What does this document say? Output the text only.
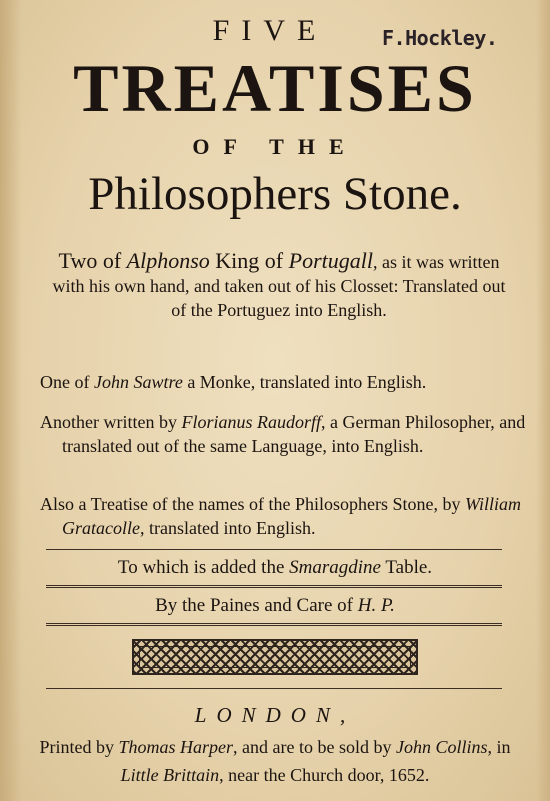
FIVE	F.Hockley.
TREATISES
OF THE
Philosophers Stone.
Two of Alphonso King of Portugall, as it was written with his own hand, and taken out of his Closset: Translated out of the Portuguez into English.
One of John Sawtre a Monke, translated into English.
Another written by Florianus Raudorff, a German Philosopher, and translated out of the same Language, into English.
Also a Treatise of the names of the Philosophers Stone, by William Gratacolle, translated into English.
To which is added the Smaragdine Table.
By the Paines and Care of H. P.
LONDON,
Printed by Thomas Harper, and are to be sold by John Collins, in Little Brittain, near the Church door, 1652.
